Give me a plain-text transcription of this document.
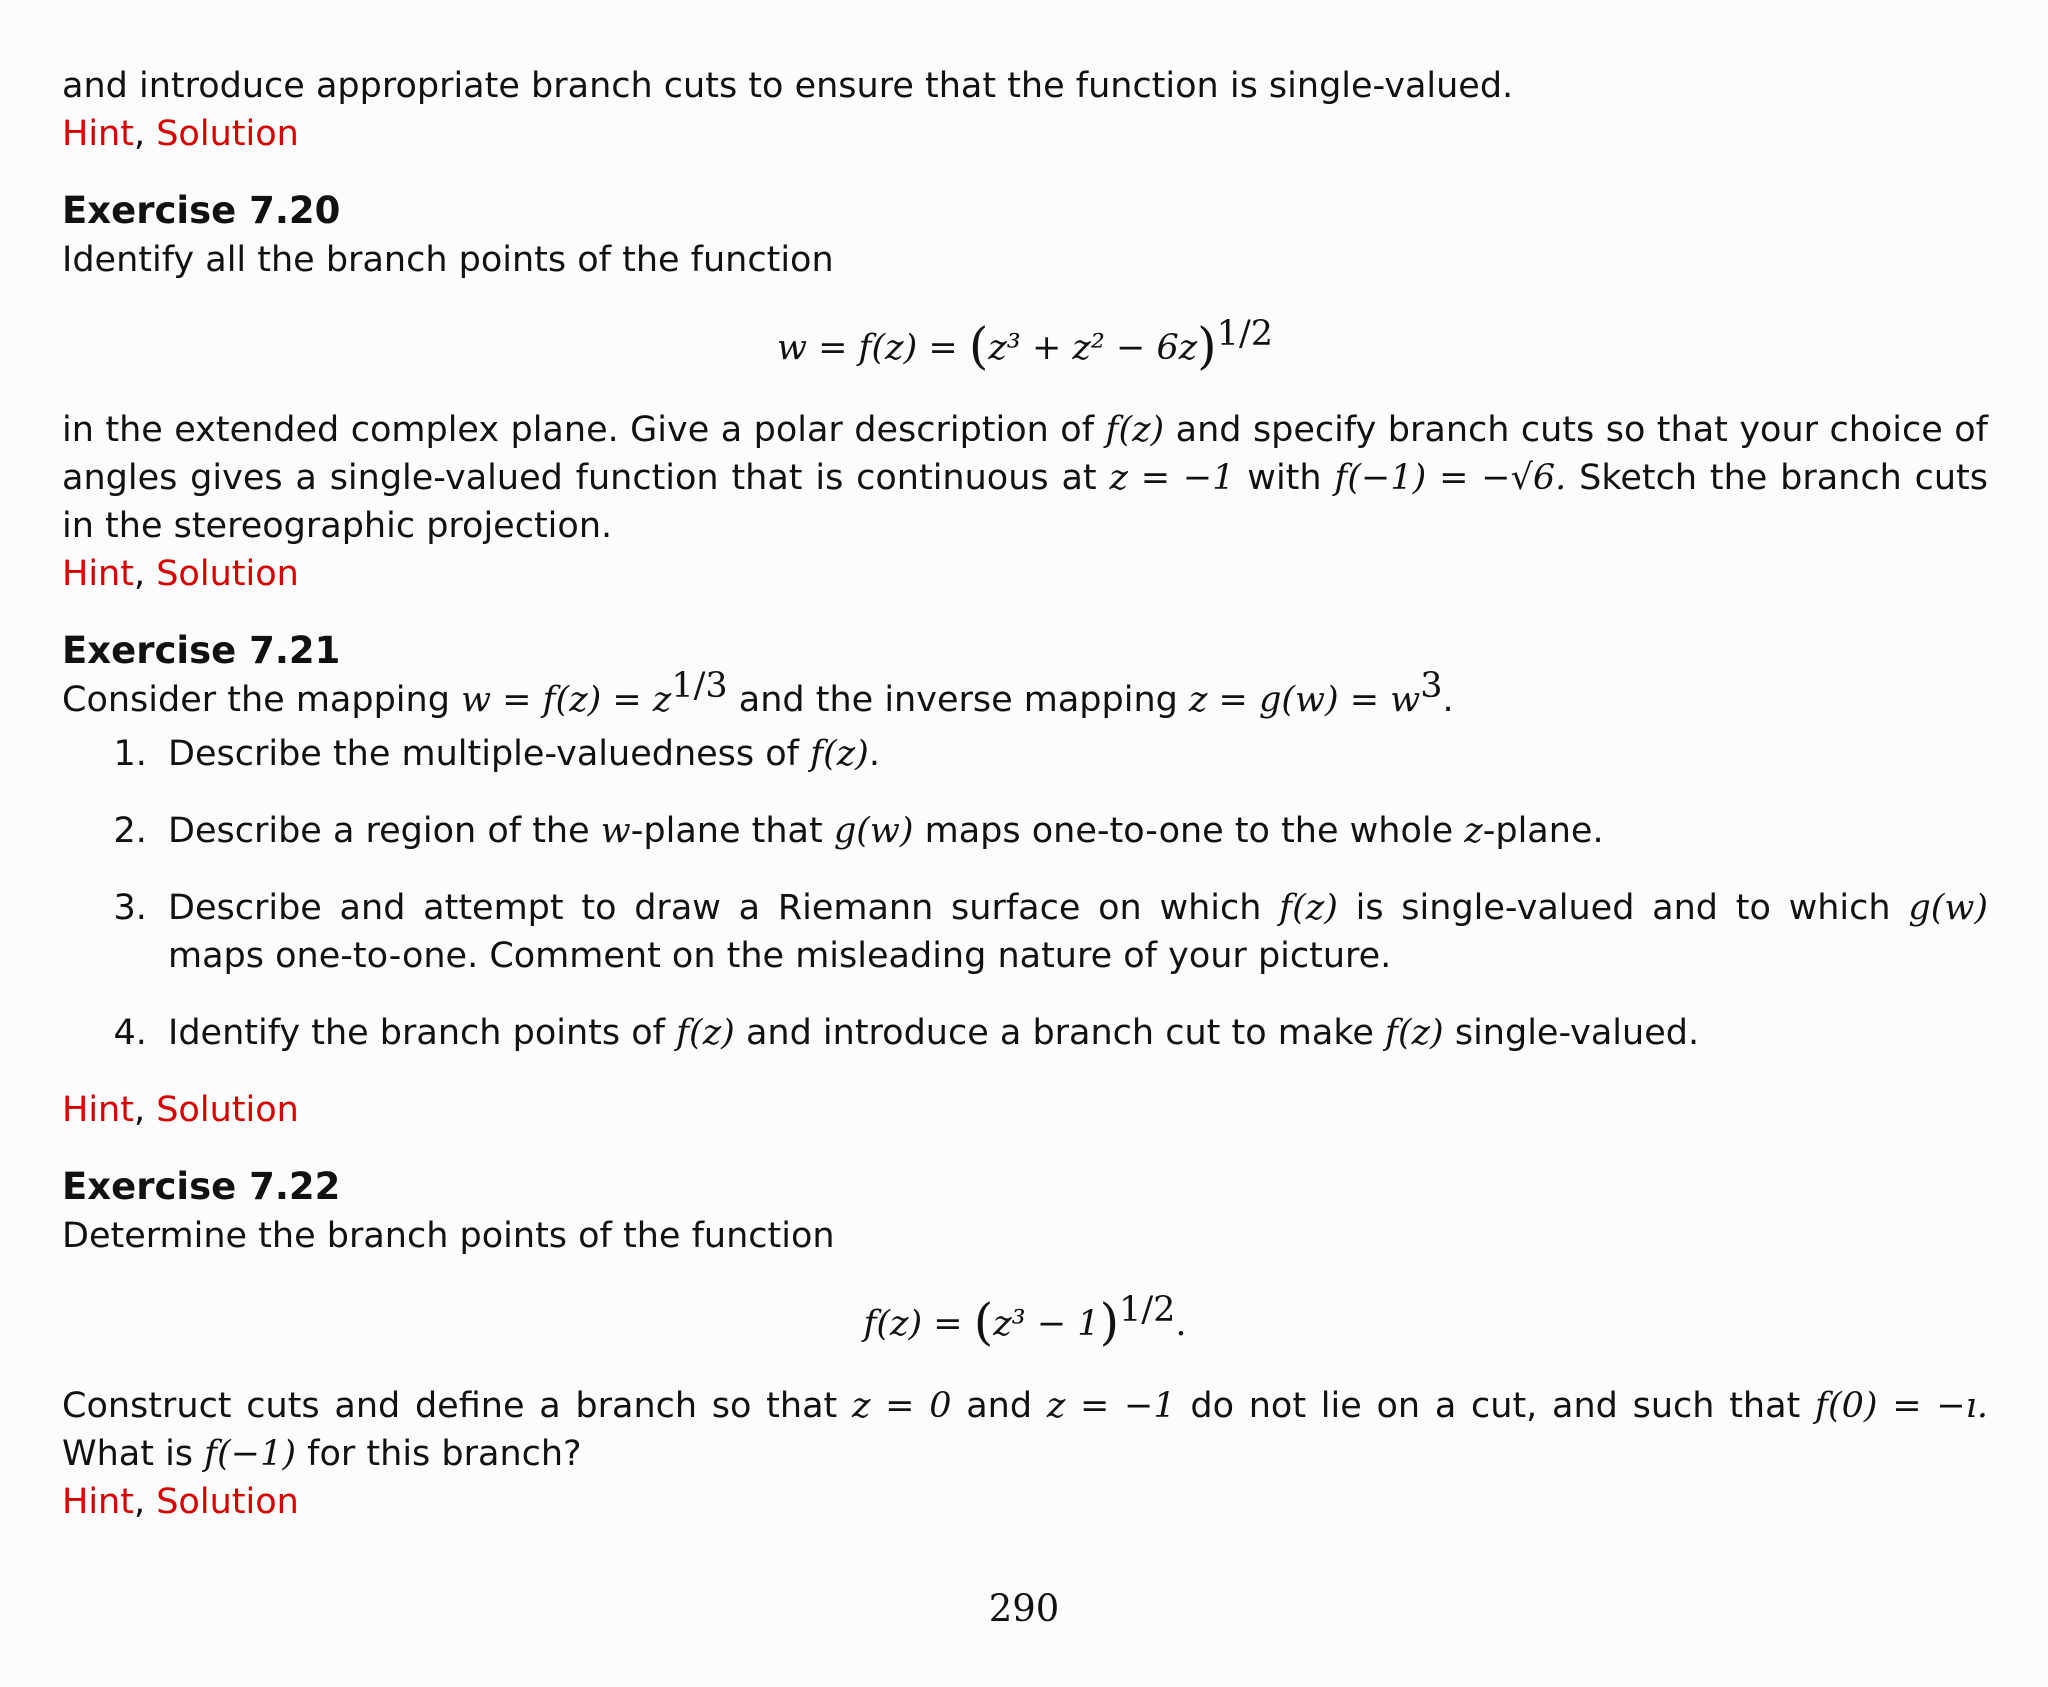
and introduce appropriate branch cuts to ensure that the function is single-valued.

Hint, Solution

Exercise 7.20

Identify all the branch points of the function

$w = f(z) = (z^3 + z^2 - 6z)^{1/2}$

in the extended complex plane. Give a polar description of f(z) and specify branch cuts so that your choice of angles gives a single-valued function that is continuous at z = −1 with f(−1) = −√6. Sketch the branch cuts in the stereographic projection.

Hint, Solution

Exercise 7.21

Consider the mapping $w = f(z) = z^{1/3}$ and the inverse mapping $z = g(w) = w^3$.

1. Describe the multiple-valuedness of f(z).
2. Describe a region of the w-plane that g(w) maps one-to-one to the whole z-plane.
3. Describe and attempt to draw a Riemann surface on which f(z) is single-valued and to which g(w) maps one-to-one. Comment on the misleading nature of your picture.
4. Identify the branch points of f(z) and introduce a branch cut to make f(z) single-valued.

Hint, Solution

Exercise 7.22

Determine the branch points of the function

$f(z) = (z^3 - 1)^{1/2}$.

Construct cuts and define a branch so that z = 0 and z = −1 do not lie on a cut, and such that f(0) = −ı. What is f(−1) for this branch?

Hint, Solution

290
